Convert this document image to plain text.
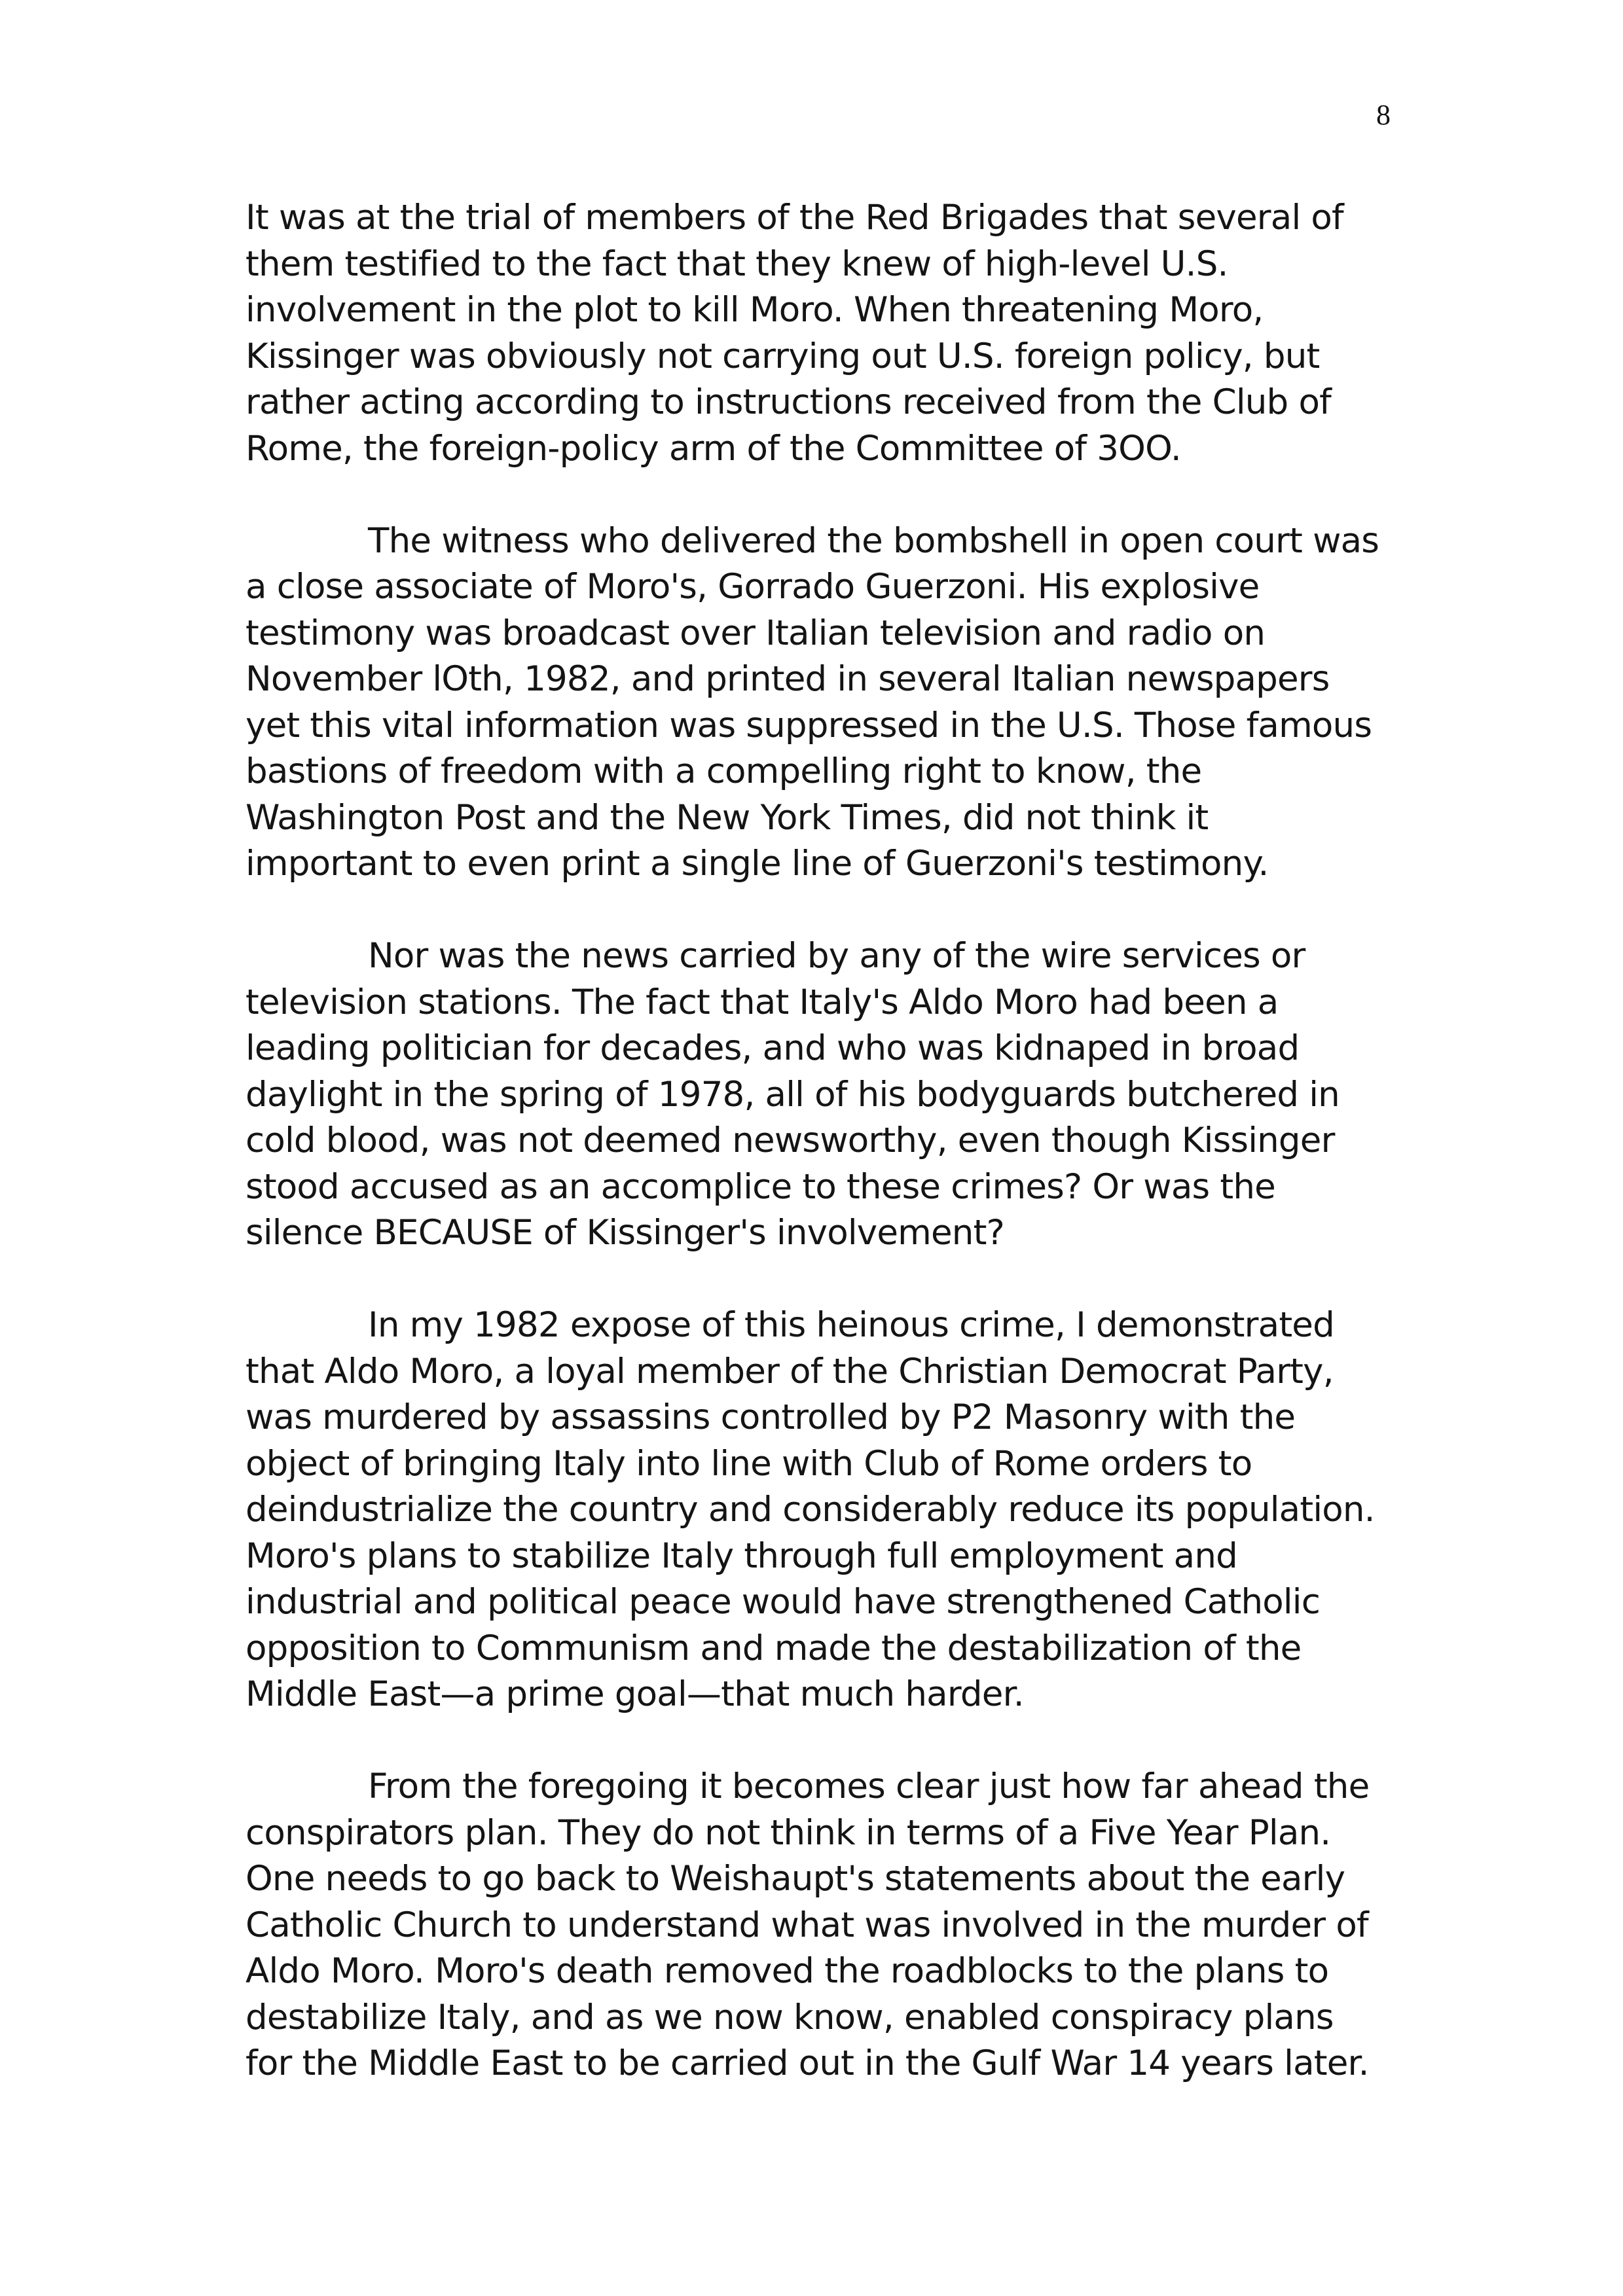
8

It was at the trial of members of the Red Brigades that several of
them testified to the fact that they knew of high-level U.S.
involvement in the plot to kill Moro. When threatening Moro,
Kissinger was obviously not carrying out U.S. foreign policy, but
rather acting according to instructions received from the Club of
Rome, the foreign-policy arm of the Committee of 3OO.

The witness who delivered the bombshell in open court was
a close associate of Moro's, Gorrado Guerzoni. His explosive
testimony was broadcast over Italian television and radio on
November lOth, 1982, and printed in several Italian newspapers
yet this vital information was suppressed in the U.S. Those famous
bastions of freedom with a compelling right to know, the
Washington Post and the New York Times, did not think it
important to even print a single line of Guerzoni's testimony.

Nor was the news carried by any of the wire services or
television stations. The fact that Italy's Aldo Moro had been a
leading politician for decades, and who was kidnaped in broad
daylight in the spring of 1978, all of his bodyguards butchered in
cold blood, was not deemed newsworthy, even though Kissinger
stood accused as an accomplice to these crimes? Or was the
silence BECAUSE of Kissinger's involvement?

In my 1982 expose of this heinous crime, I demonstrated
that Aldo Moro, a loyal member of the Christian Democrat Party,
was murdered by assassins controlled by P2 Masonry with the
object of bringing Italy into line with Club of Rome orders to
deindustrialize the country and considerably reduce its population.
Moro's plans to stabilize Italy through full employment and
industrial and political peace would have strengthened Catholic
opposition to Communism and made the destabilization of the
Middle East—a prime goal—that much harder.

From the foregoing it becomes clear just how far ahead the
conspirators plan. They do not think in terms of a Five Year Plan.
One needs to go back to Weishaupt's statements about the early
Catholic Church to understand what was involved in the murder of
Aldo Moro. Moro's death removed the roadblocks to the plans to
destabilize Italy, and as we now know, enabled conspiracy plans
for the Middle East to be carried out in the Gulf War 14 years later.
